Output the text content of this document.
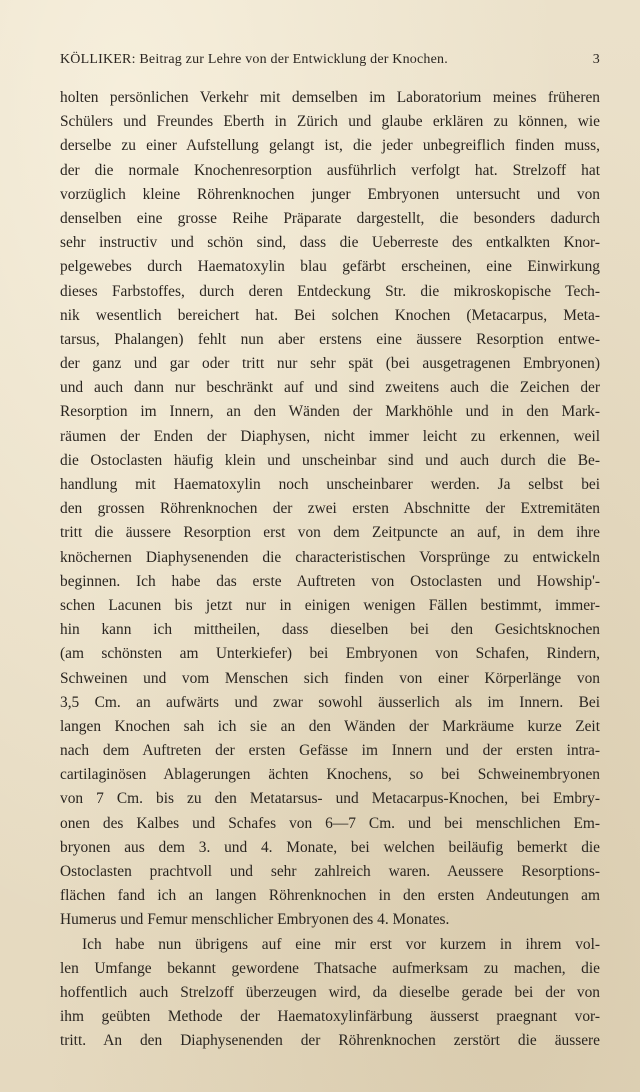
KÖLLIKER: Beitrag zur Lehre von der Entwicklung der Knochen.	3
holten persönlichen Verkehr mit demselben im Laboratorium meines früheren
Schülers und Freundes Eberth in Zürich und glaube erklären zu können, wie
derselbe zu einer Aufstellung gelangt ist, die jeder unbegreiflich finden muss,
der die normale Knochenresorption ausführlich verfolgt hat. Strelzoff hat
vorzüglich kleine Röhrenknochen junger Embryonen untersucht und von
denselben eine grosse Reihe Präparate dargestellt, die besonders dadurch
sehr instructiv und schön sind, dass die Ueberreste des entkalkten Knor-
pelgewebes durch Haematoxylin blau gefärbt erscheinen, eine Einwirkung
dieses Farbstoffes, durch deren Entdeckung Str. die mikroskopische Tech-
nik wesentlich bereichert hat. Bei solchen Knochen (Metacarpus, Meta-
tarsus, Phalangen) fehlt nun aber erstens eine äussere Resorption entwe-
der ganz und gar oder tritt nur sehr spät (bei ausgetragenen Embryonen)
und auch dann nur beschränkt auf und sind zweitens auch die Zeichen der
Resorption im Innern, an den Wänden der Markhöhle und in den Mark-
räumen der Enden der Diaphysen, nicht immer leicht zu erkennen, weil
die Ostoclasten häufig klein und unscheinbar sind und auch durch die Be-
handlung mit Haematoxylin noch unscheinbarer werden. Ja selbst bei
den grossen Röhrenknochen der zwei ersten Abschnitte der Extremitäten
tritt die äussere Resorption erst von dem Zeitpuncte an auf, in dem ihre
knöchernen Diaphysenenden die characteristischen Vorsprünge zu entwickeln
beginnen. Ich habe das erste Auftreten von Ostoclasten und Howship'-
schen Lacunen bis jetzt nur in einigen wenigen Fällen bestimmt, immer-
hin kann ich mittheilen, dass dieselben bei den Gesichtsknochen
(am schönsten am Unterkiefer) bei Embryonen von Schafen, Rindern,
Schweinen und vom Menschen sich finden von einer Körperlänge von
3,5 Cm. an aufwärts und zwar sowohl äusserlich als im Innern. Bei
langen Knochen sah ich sie an den Wänden der Markräume kurze Zeit
nach dem Auftreten der ersten Gefässe im Innern und der ersten intra-
cartilaginösen Ablagerungen ächten Knochens, so bei Schweinembryonen
von 7 Cm. bis zu den Metatarsus- und Metacarpus-Knochen, bei Embry-
onen des Kalbes und Schafes von 6—7 Cm. und bei menschlichen Em-
bryonen aus dem 3. und 4. Monate, bei welchen beiläufig bemerkt die
Ostoclasten prachtvoll und sehr zahlreich waren. Aeussere Resorptions-
flächen fand ich an langen Röhrenknochen in den ersten Andeutungen am
Humerus und Femur menschlicher Embryonen des 4. Monates.
Ich habe nun übrigens auf eine mir erst vor kurzem in ihrem vol-
len Umfange bekannt gewordene Thatsache aufmerksam zu machen, die
hoffentlich auch Strelzoff überzeugen wird, da dieselbe gerade bei der von
ihm geübten Methode der Haematoxylinfärbung äusserst praegnant vor-
tritt. An den Diaphysenenden der Röhrenknochen zerstört die äussere
